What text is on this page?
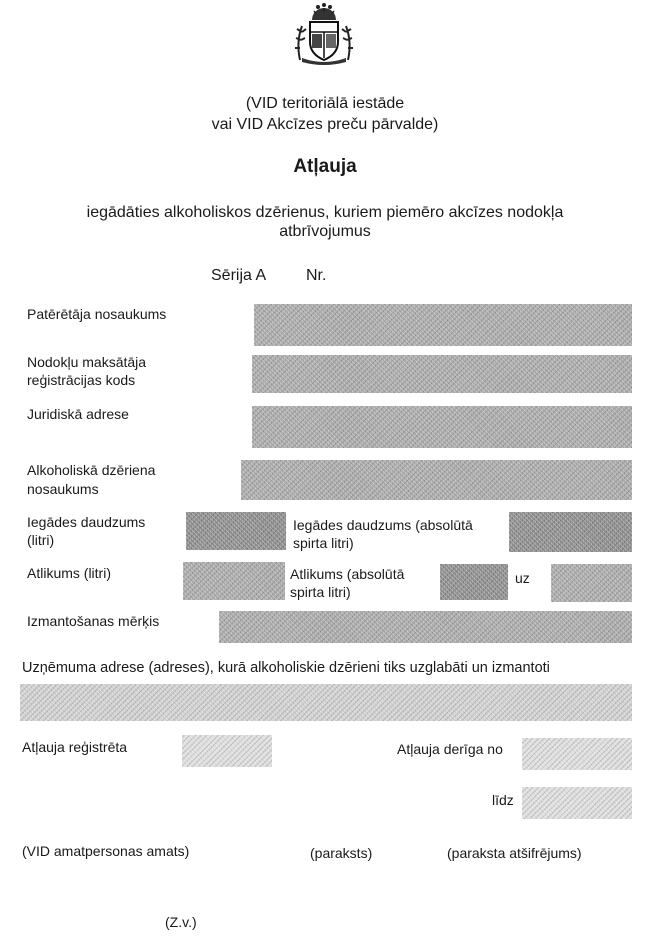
(VID teritoriālā iestāde
vai VID Akcīzes preču pārvalde)
Atļauja
iegādāties alkoholiskos dzērienus, kuriem piemēro akcīzes nodokļa
atbrīvojumus
Sērija A Nr.
Patērētāja nosaukums
Nodokļu maksātāja
reģistrācijas kods
Juridiskā adrese
Alkoholiskā dzēriena
nosaukums
Iegādes daudzums
(litri)
Iegādes daudzums (absolūtā
spirta litri)
Atlikums (litri)	Atlikums (absolūtā
spirta litri)
uz
Izmantošanas mērķis
Uzņēmuma adrese (adreses), kurā alkoholiskie dzērieni tiks uzglabāti un izmantoti
Atļauja reģistrēta	Atļauja derīga no
līdz
(VID amatpersonas amats)	(paraksts)	(paraksta atšifrējums)
(Z.v.)
